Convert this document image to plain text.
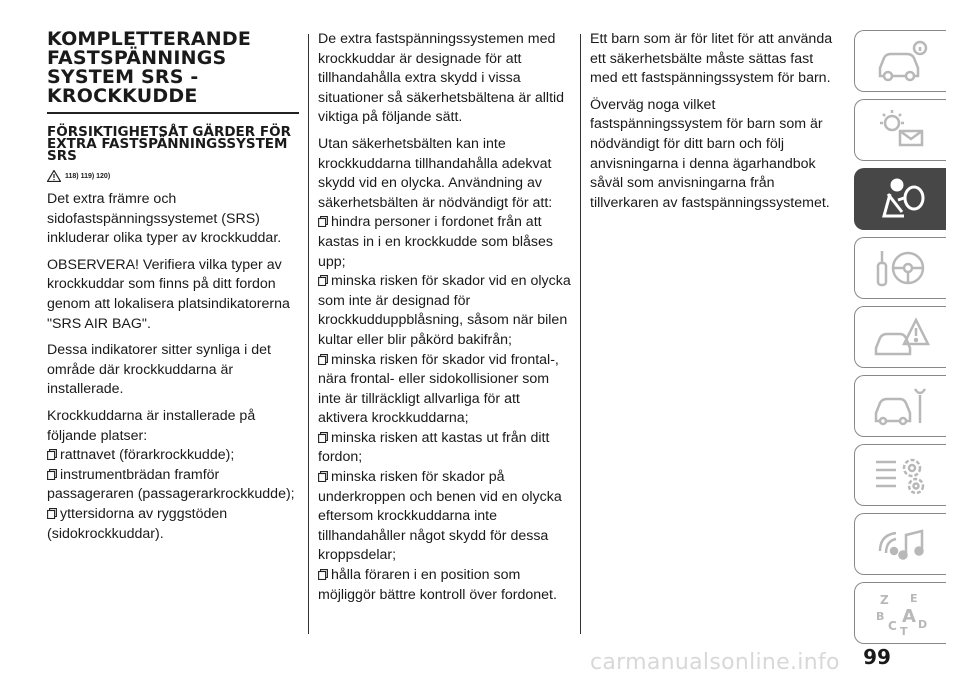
KOMPLETTERANDE FASTSPÄNNINGS SYSTEM SRS - KROCKKUDDE
FÖRSIKTIGHETSÅT GÄRDER FÖR EXTRA FASTSPÄNNINGSSYSTEM SRS
118) 119) 120)

Det extra främre och sidofastspänningssystemet (SRS) inkluderar olika typer av krockkuddar.

OBSERVERA! Verifiera vilka typer av krockkuddar som finns på ditt fordon genom att lokalisera platsindikatorerna "SRS AIR BAG".

Dessa indikatorer sitter synliga i det område där krockkuddarna är installerade.

Krockkuddarna är installerade på följande platser:

rattnavet (förarkrockkudde);
instrumentbrädan framför passageraren (passagerarkrockkudde);
yttersidorna av ryggstöden (sidokrockkuddar).

De extra fastspänningssystemen med krockkuddar är designade för att tillhandahålla extra skydd i vissa situationer så säkerhetsbältena är alltid viktiga på följande sätt.

Utan säkerhetsbälten kan inte krockkuddarna tillhandahålla adekvat skydd vid en olycka. Användning av säkerhetsbälten är nödvändigt för att:

hindra personer i fordonet från att kastas in i en krockkudde som blåses upp;
minska risken för skador vid en olycka som inte är designad för krockkudduppblåsning, såsom när bilen kultar eller blir påkörd bakifrån;
minska risken för skador vid frontal-, nära frontal- eller sidokollisioner som inte är tillräckligt allvarliga för att aktivera krockkuddarna;
minska risken att kastas ut från ditt fordon;
minska risken för skador på underkroppen och benen vid en olycka eftersom krockkuddarna inte tillhandahåller något skydd för dessa kroppsdelar;
hålla föraren i en position som möjliggör bättre kontroll över fordonet.

Ett barn som är för litet för att använda ett säkerhetsbälte måste sättas fast med ett fastspänningssystem för barn.

Överväg noga vilket fastspänningssystem för barn som är nödvändigt för ditt barn och följ anvisningarna i denna ägarhandbok såväl som anvisningarna från tillverkaren av fastspänningssystemet.

Z E
B A
C D
T
99
carmanualsonline.info
